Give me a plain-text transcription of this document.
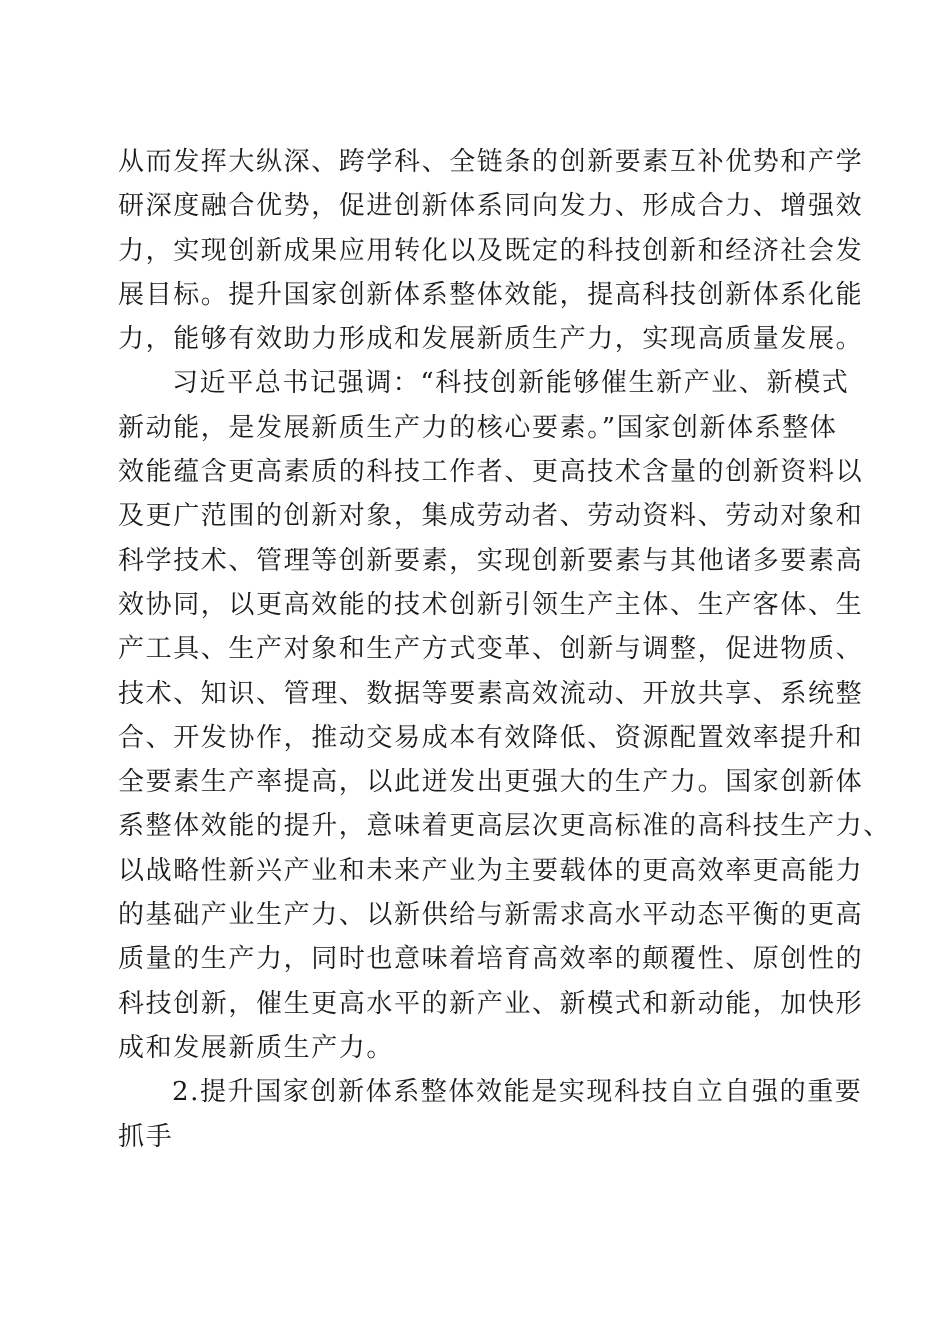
从而发挥大纵深、跨学科、全链条的创新要素互补优势和产学
研深度融合优势，促进创新体系同向发力、形成合力、增强效
力，实现创新成果应用转化以及既定的科技创新和经济社会发
展目标。提升国家创新体系整体效能，提高科技创新体系化能
力，能够有效助力形成和发展新质生产力，实现高质量发展。
习近平总书记强调：“科技创新能够催生新产业、新模式
新动能，是发展新质生产力的核心要素。”国家创新体系整体
效能蕴含更高素质的科技工作者、更高技术含量的创新资料以
及更广范围的创新对象，集成劳动者、劳动资料、劳动对象和
科学技术、管理等创新要素，实现创新要素与其他诸多要素高
效协同，以更高效能的技术创新引领生产主体、生产客体、生
产工具、生产对象和生产方式变革、创新与调整，促进物质、
技术、知识、管理、数据等要素高效流动、开放共享、系统整
合、开发协作，推动交易成本有效降低、资源配置效率提升和
全要素生产率提高，以此迸发出更强大的生产力。国家创新体
系整体效能的提升，意味着更高层次更高标准的高科技生产力、
以战略性新兴产业和未来产业为主要载体的更高效率更高能力
的基础产业生产力、以新供给与新需求高水平动态平衡的更高
质量的生产力，同时也意味着培育高效率的颠覆性、原创性的
科技创新，催生更高水平的新产业、新模式和新动能，加快形
成和发展新质生产力。
2.提升国家创新体系整体效能是实现科技自立自强的重要
抓手
